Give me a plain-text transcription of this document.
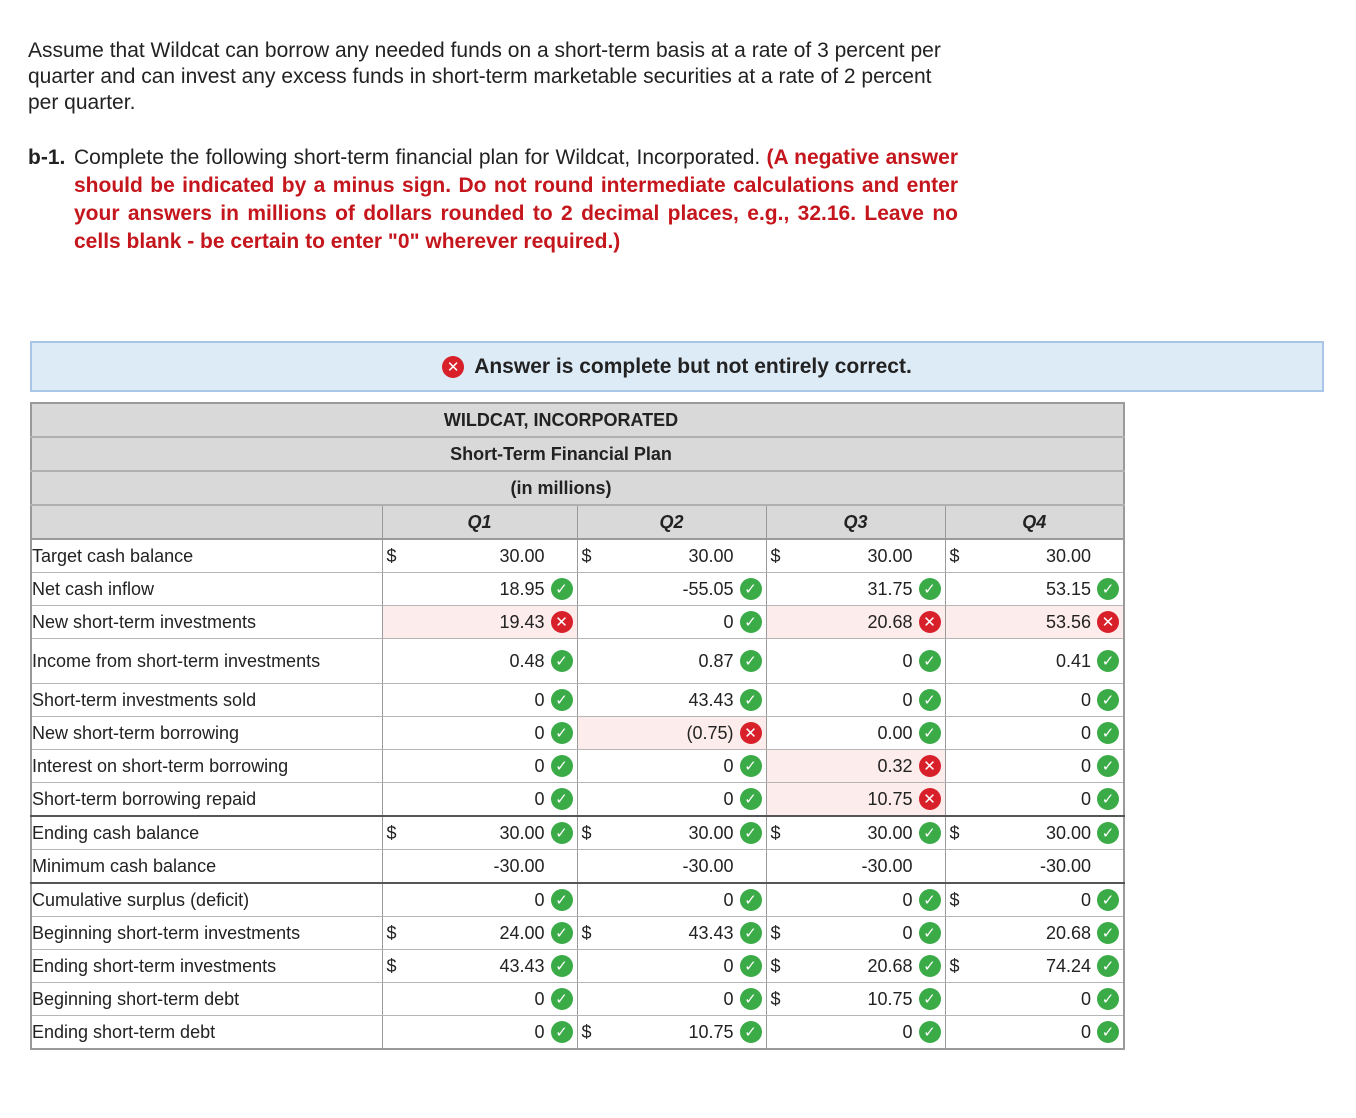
Assume that Wildcat can borrow any needed funds on a short-term basis at a rate of 3 percent per quarter and can invest any excess funds in short-term marketable securities at a rate of 2 percent per quarter.
b-1. Complete the following short-term financial plan for Wildcat, Incorporated. (A negative answer should be indicated by a minus sign. Do not round intermediate calculations and enter your answers in millions of dollars rounded to 2 decimal places, e.g., 32.16. Leave no cells blank - be certain to enter "0" wherever required.)
✕ Answer is complete but not entirely correct.
WILDCAT, INCORPORATED				
Short-Term Financial Plan				
(in millions)				
	Q1	Q2	Q3	Q4
Target cash balance	$ 30.00	$ 30.00	$ 30.00	$ 30.00

Net cash inflow	18.95 ✓	-55.05 ✓	31.75 ✓	53.15 ✓

New short-term investments	19.43 ✕	0 ✓	20.68 ✕	53.56 ✕

Income from short-term investments	0.48 ✓	0.87 ✓	0 ✓	0.41 ✓

Short-term investments sold	0 ✓	43.43 ✓	0 ✓	0 ✓

New short-term borrowing	0 ✓	(0.75) ✕	0.00 ✓	0 ✓

Interest on short-term borrowing	0 ✓	0 ✓	0.32 ✕	0 ✓

Short-term borrowing repaid	0 ✓	0 ✓	10.75 ✕	0 ✓

Ending cash balance	$ 30.00 ✓	$ 30.00 ✓	$ 30.00 ✓	$ 30.00 ✓

Minimum cash balance	-30.00	-30.00	-30.00	-30.00

Cumulative surplus (deficit)	0 ✓	0 ✓	0 ✓	$ 0 ✓

Beginning short-term investments	$ 24.00 ✓	$ 43.43 ✓	$ 0 ✓	20.68 ✓

Ending short-term investments	$ 43.43 ✓	0 ✓	$ 20.68 ✓	$ 74.24 ✓

Beginning short-term debt	0 ✓	0 ✓	$ 10.75 ✓	0 ✓

Ending short-term debt	0 ✓	$ 10.75 ✓	0 ✓	0 ✓
